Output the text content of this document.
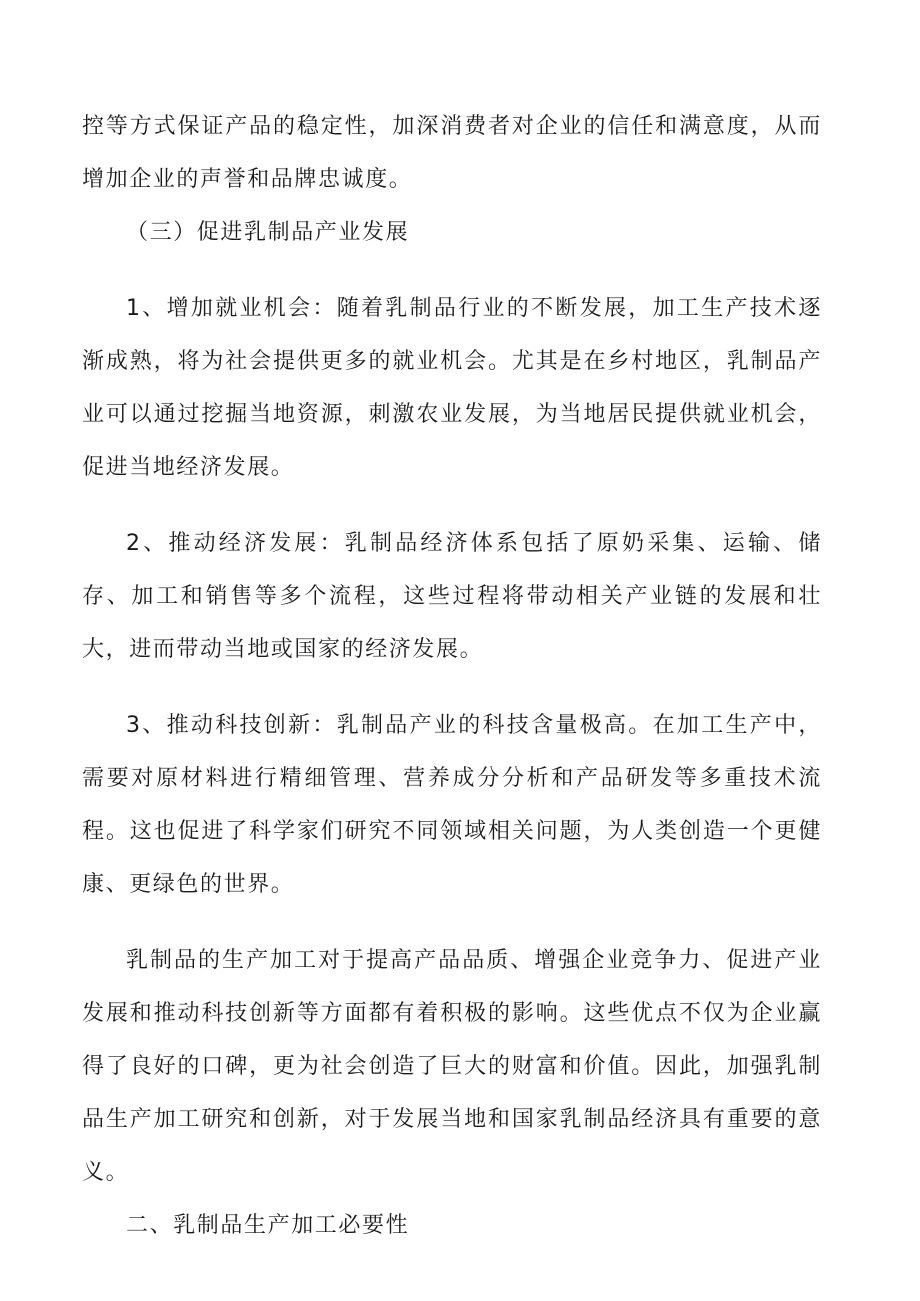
控等方式保证产品的稳定性，加深消费者对企业的信任和满意度，从而增加企业的声誉和品牌忠诚度。

（三）促进乳制品产业发展

1、增加就业机会：随着乳制品行业的不断发展，加工生产技术逐渐成熟，将为社会提供更多的就业机会。尤其是在乡村地区，乳制品产业可以通过挖掘当地资源，刺激农业发展，为当地居民提供就业机会，促进当地经济发展。

2、推动经济发展：乳制品经济体系包括了原奶采集、运输、储存、加工和销售等多个流程，这些过程将带动相关产业链的发展和壮大，进而带动当地或国家的经济发展。

3、推动科技创新：乳制品产业的科技含量极高。在加工生产中，需要对原材料进行精细管理、营养成分分析和产品研发等多重技术流程。这也促进了科学家们研究不同领域相关问题，为人类创造一个更健康、更绿色的世界。

乳制品的生产加工对于提高产品品质、增强企业竞争力、促进产业发展和推动科技创新等方面都有着积极的影响。这些优点不仅为企业赢得了良好的口碑，更为社会创造了巨大的财富和价值。因此，加强乳制品生产加工研究和创新，对于发展当地和国家乳制品经济具有重要的意义。

二、乳制品生产加工必要性
